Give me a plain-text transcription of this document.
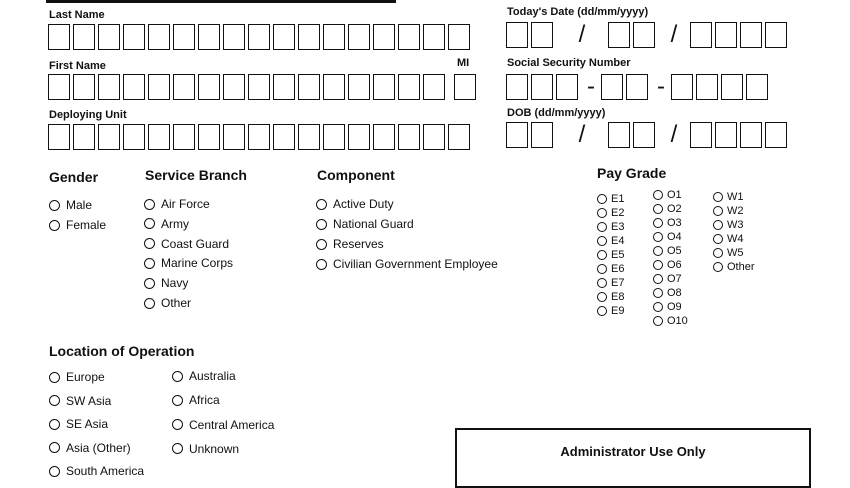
Last Name
First Name	MI
Deploying Unit
Today's Date (dd/mm/yyyy)
/	/
Social Security Number
-	-
DOB (dd/mm/yyyy)
/	/
Gender
Male
Female
Service Branch
Air Force
Army
Coast Guard
Marine Corps
Navy
Other
Component
Active Duty
National Guard
Reserves
Civilian Government Employee
Pay Grade
E1
E2
E3
E4
E5
E6
E7
E8
E9
O1
O2
O3
O4
O5
O6
O7
O8
O9
O10
W1
W2
W3
W4
W5
Other
Location of Operation
Europe
SW Asia
SE Asia
Asia (Other)
South America
Australia
Africa
Central America
Unknown	Administrator Use Only
